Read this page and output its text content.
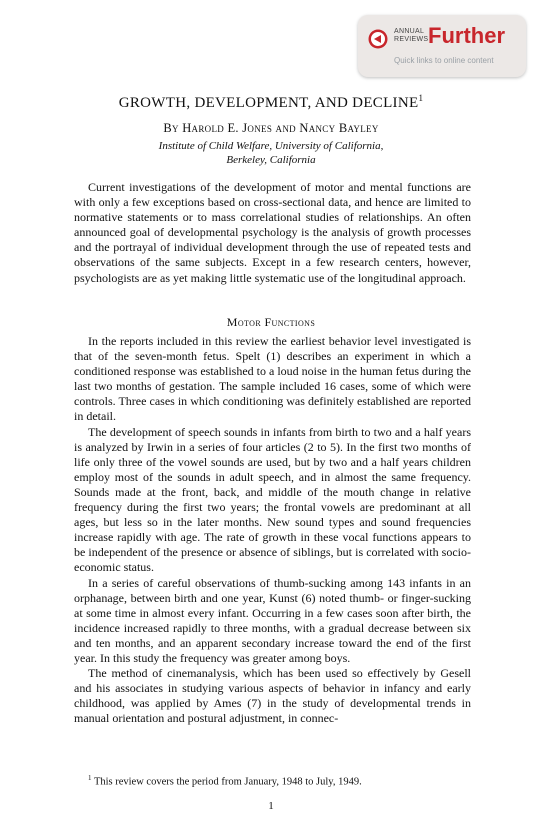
ANNUAL
REVIEWS Further
Quick links to online content
GROWTH, DEVELOPMENT, AND DECLINE$^1$
By Harold E. Jones and Nancy Bayley
Institute of Child Welfare, University of California,
Berkeley, California

Current investigations of the development of motor and mental functions are with only a few exceptions based on cross-sectional data, and hence are limited to normative statements or to mass correlational studies of relationships. An often announced goal of developmental psychology is the analysis of growth processes and the portrayal of individual development through the use of repeated tests and observations of the same subjects. Except in a few research centers, however, psychologists are as yet making little systematic use of the longitudinal approach.

Motor Functions

In the reports included in this review the earliest behavior level investigated is that of the seven-month fetus. Spelt (1) describes an experiment in which a conditioned response was established to a loud noise in the human fetus during the last two months of gestation. The sample included 16 cases, some of which were controls. Three cases in which conditioning was definitely established are reported in detail.

The development of speech sounds in infants from birth to two and a half years is analyzed by Irwin in a series of four articles (2 to 5). In the first two months of life only three of the vowel sounds are used, but by two and a half years children employ most of the sounds in adult speech, and in almost the same frequency. Sounds made at the front, back, and middle of the mouth change in relative frequency during the first two years; the frontal vowels are predominant at all ages, but less so in the later months. New sound types and sound frequencies increase rapidly with age. The rate of growth in these vocal functions appears to be independent of the presence or absence of siblings, but is correlated with socio-economic status.

In a series of careful observations of thumb-sucking among 143 infants in an orphanage, between birth and one year, Kunst (6) noted thumb- or finger-sucking at some time in almost every infant. Occurring in a few cases soon after birth, the incidence increased rapidly to three months, with a gradual decrease between six and ten months, and an apparent secondary increase toward the end of the first year. In this study the frequency was greater among boys.

The method of cinemanalysis, which has been used so effectively by Gesell and his associates in studying various aspects of behavior in infancy and early childhood, was applied by Ames (7) in the study of developmental trends in manual orientation and postural adjustment, in connec-

$^1$ This review covers the period from January, 1948 to July, 1949.
1
